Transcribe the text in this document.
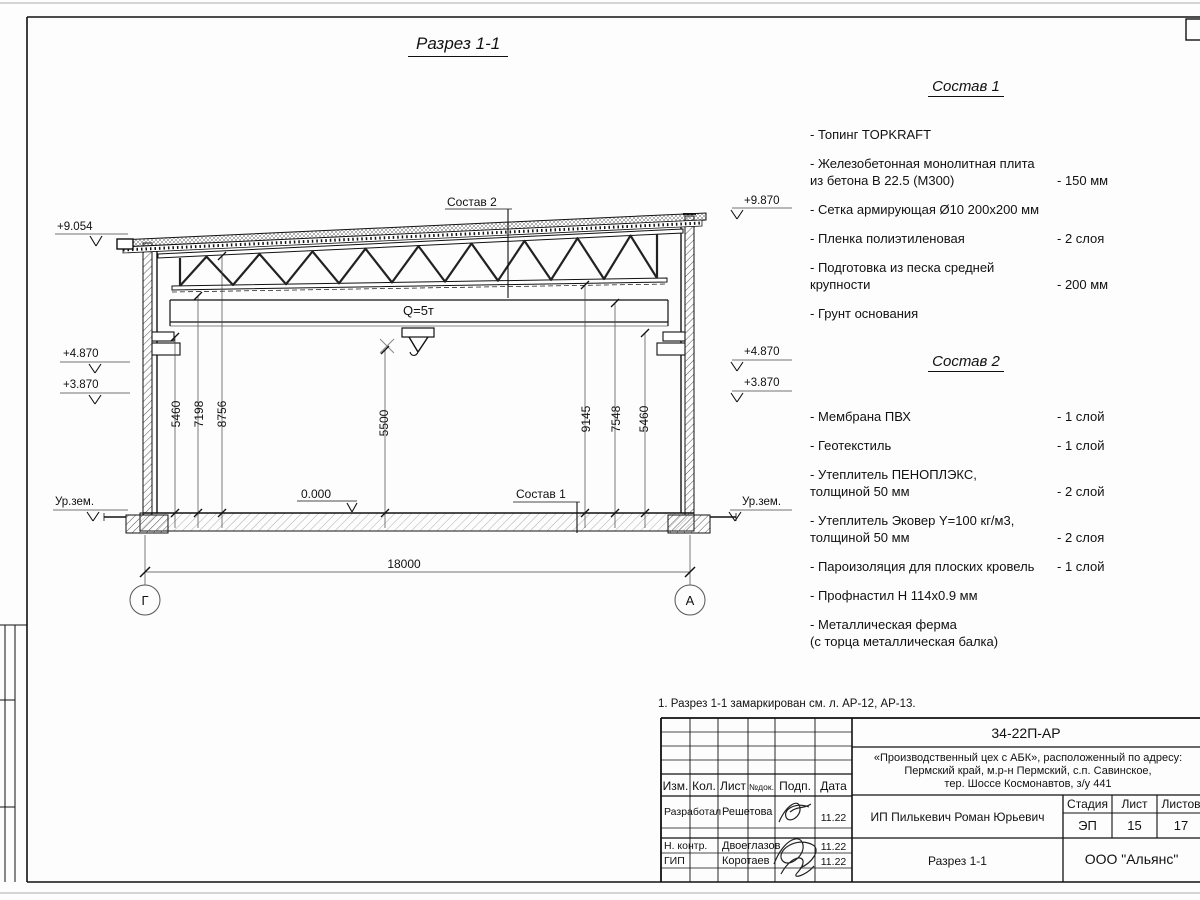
Разрез 1-1
+9.054
+4.870
+3.870
Ур.зем.
+9.870
+4.870
+3.870
Ур.зем.
Состав 2
Q=5т
0.000	Состав 1
18000
Г	А
5460 7198 8756	5500	9145 7548 5460
Состав 1
- Топинг TOPKRAFT
- Железобетонная монолитная плита
из бетона В 22.5 (М300)	- 150 мм
- Сетка армирующая Ø10 200х200 мм
- Пленка полиэтиленовая	- 2 слоя
- Подготовка из песка средней
крупности	- 200 мм
- Грунт основания
Состав 2
- Мембрана ПВХ	- 1 слой
- Геотекстиль	- 1 слой
- Утеплитель ПЕНОПЛЭКС,
толщиной 50 мм	- 2 слой
- Утеплитель Эковер Y=100 кг/м3,
толщиной 50 мм	- 2 слоя
- Пароизоляция для плоских кровель	- 1 слой
- Профнастил Н 114х0.9 мм
- Металлическая ферма
(с торца металлическая балка)
1. Разрез 1-1 замаркирован см. л. АР-12, АР-13.
Изм. Кол. Лист №док. Подп. Дата
Разработал Решетова	11.22
Н. контр. Двоеглазов	11.22
ГИП	Коротаев	11.22
34-22П-АР
«Производственный цех с АБК», расположенный по адресу:
Пермский край, м.р-н Пермский, с.п. Савинское,
тер. Шоссе Космонавтов, з/у 441
ИП Пилькевич Роман Юрьевич
Стадия	Лист	Листов
ЭП	15	17
Разрез 1-1	ООО "Альянс"
